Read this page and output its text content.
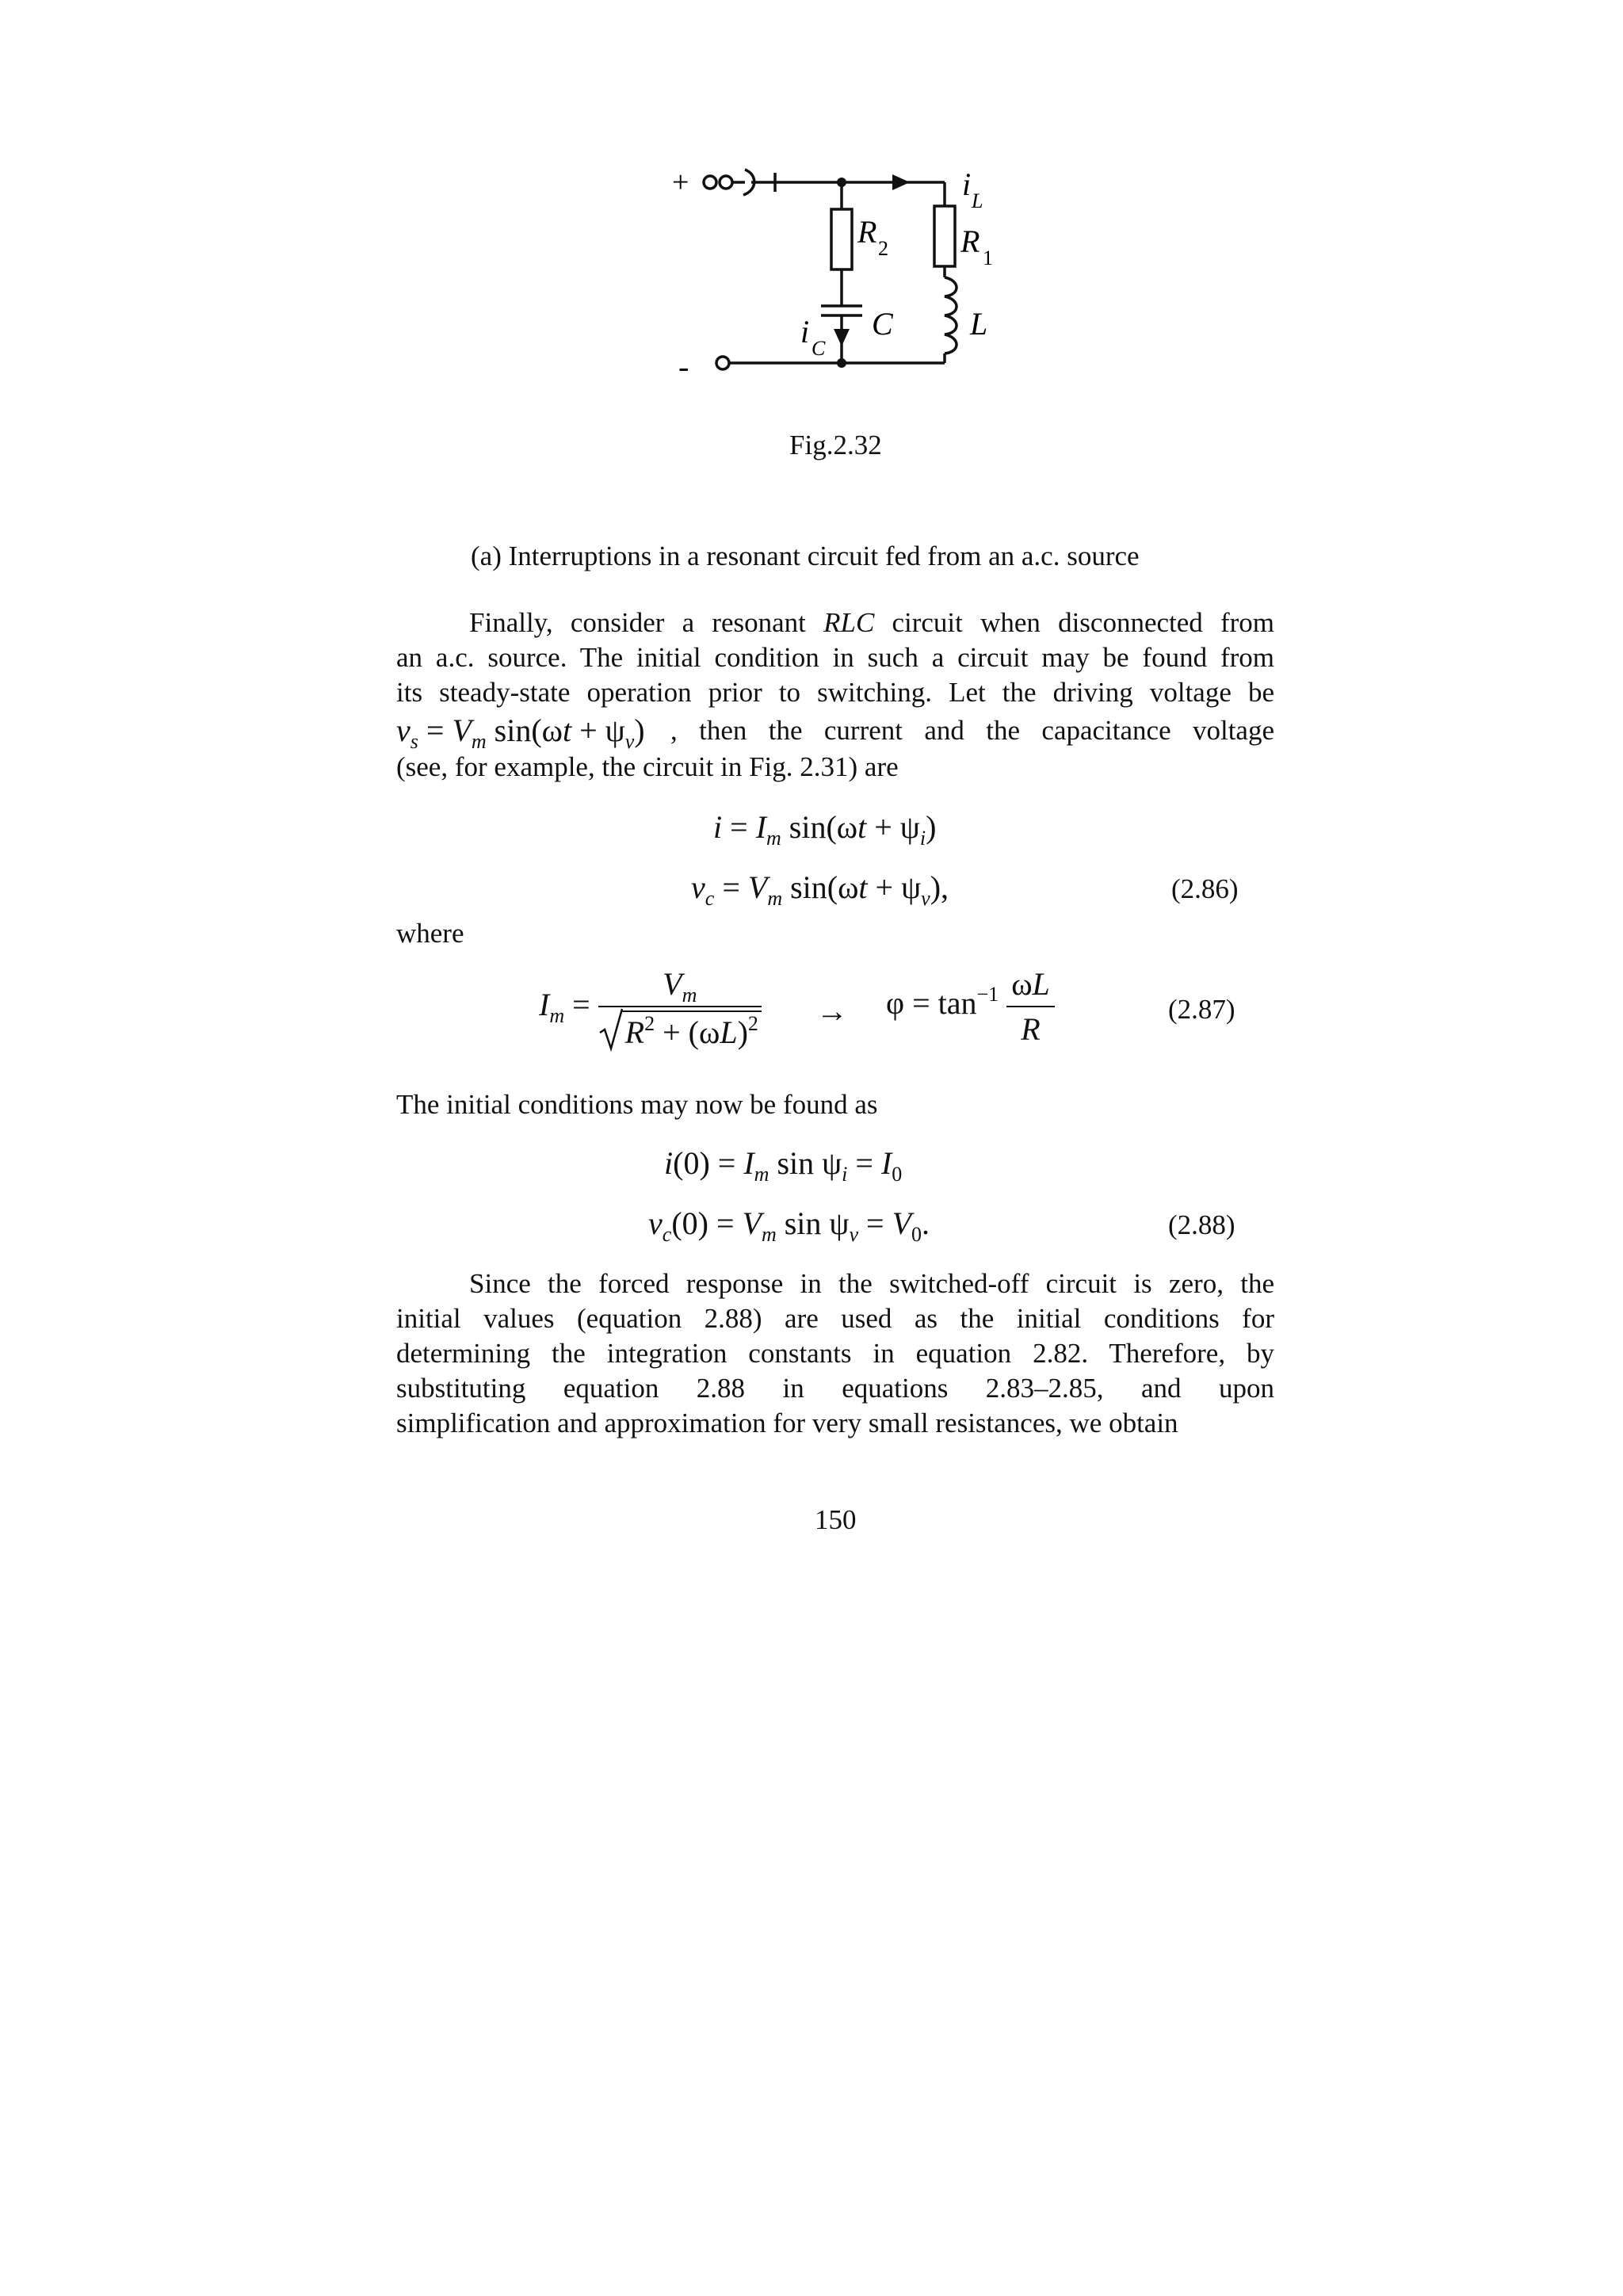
+
-
i L
R 2 R 1
C L
i C
Fig.2.32
(a) Interruptions in a resonant circuit fed from an a.c. source
Finally, consider a resonant RLC circuit when disconnected from
an a.c. source. The initial condition in such a circuit may be found from
its steady-state operation prior to switching. Let the driving voltage be
$v_s = V_m$ $\sin(\omega t + \psi_v)$ , then the current and the capacitance voltage
(see, for example, the circuit in Fig. 2.31) are
$i = I_m$ $\sin(\omega t + \psi_i)$
$v_c = V_m$ $\sin(\omega t + \psi_v)$,	(2.86)
where
$I_m = \frac{V_m}{R^2 + (\omega L)^2} \to \varphi = \tan^{-1} \frac{\omega L}{R}$	(2.87)
The initial conditions may now be found as
$i(0) = I_m$ $\sin \psi_i = I_0$
$v_c(0) = V_m$ $\sin \psi_v = V_0$.	(2.88)
Since the forced response in the switched-off circuit is zero, the
initial values (equation 2.88) are used as the initial conditions for
determining the integration constants in equation 2.82. Therefore, by
substituting equation 2.88 in equations 2.83–2.85, and upon
simplification and approximation for very small resistances, we obtain
150
